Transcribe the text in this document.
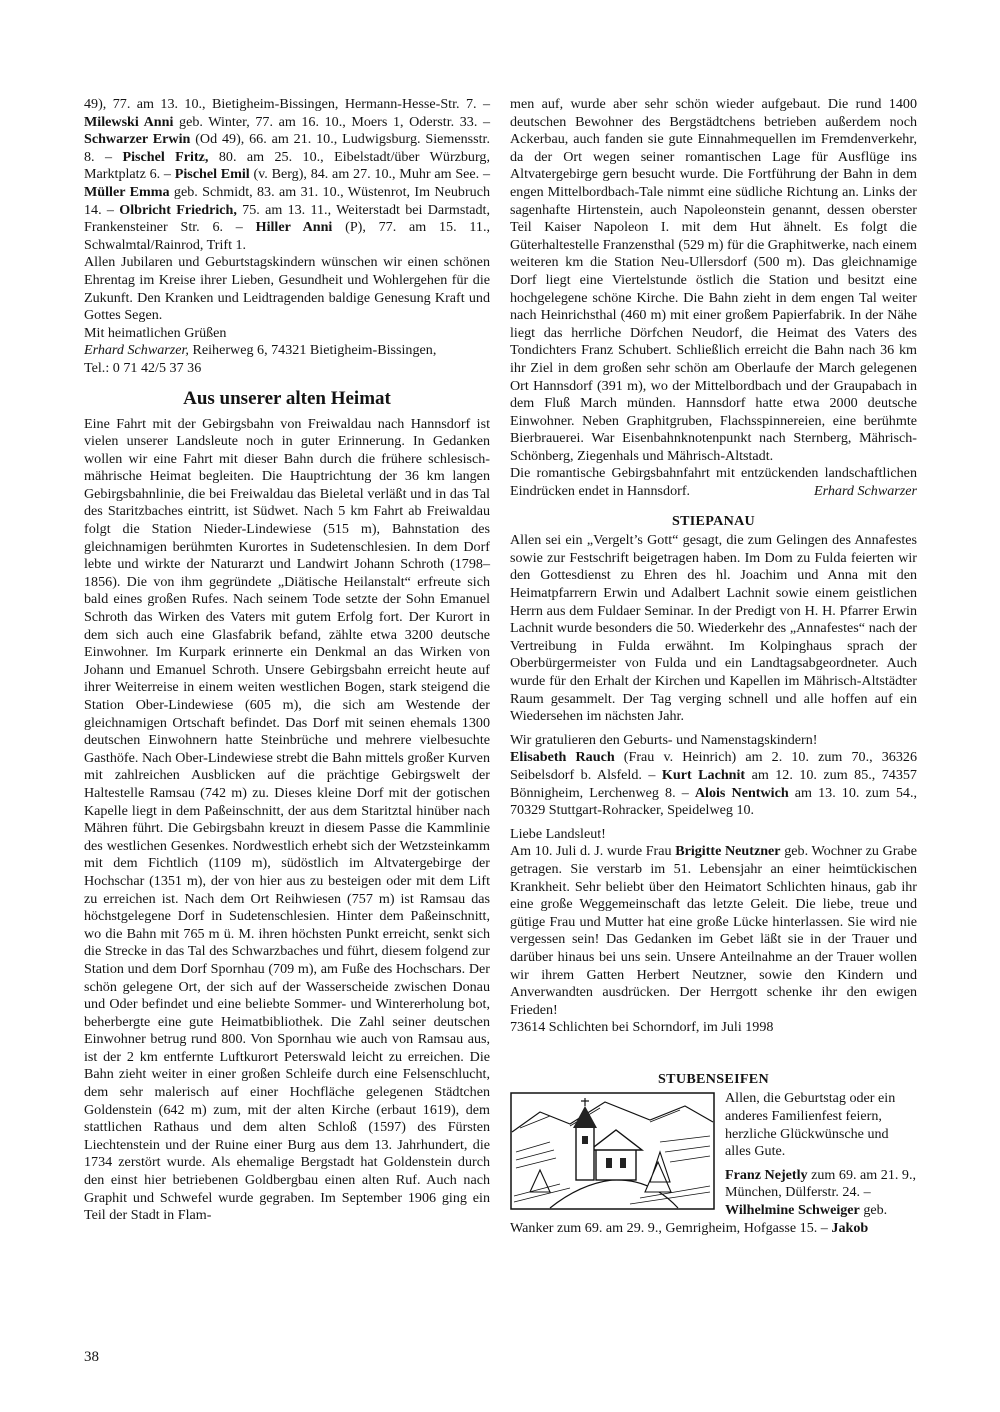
49), 77. am 13. 10., Bietigheim-Bissingen, Hermann-Hesse-Str. 7. – Milewski Anni geb. Winter, 77. am 16. 10., Moers 1, Oderstr. 33. – Schwarzer Erwin (Od 49), 66. am 21. 10., Ludwigsburg. Siemensstr. 8. – Pischel Fritz, 80. am 25. 10., Eibelstadt/über Würzburg, Marktplatz 6. – Pischel Emil (v. Berg), 84. am 27. 10., Muhr am See. – Müller Emma geb. Schmidt, 83. am 31. 10., Wüstenrot, Im Neubruch 14. – Olbricht Friedrich, 75. am 13. 11., Weiterstadt bei Darmstadt, Frankensteiner Str. 6. – Hiller Anni (P), 77. am 15. 11., Schwalmtal/Rainrod, Trift 1.

Allen Jubilaren und Geburtstagskindern wünschen wir einen schönen Ehrentag im Kreise ihrer Lieben, Gesundheit und Wohlergehen für die Zukunft. Den Kranken und Leidtragenden baldige Genesung Kraft und Gottes Segen.

Mit heimatlichen Grüßen

Erhard Schwarzer, Reiherweg 6, 74321 Bietigheim-Bissingen,

Tel.: 0 71 42/5 37 36

Aus unserer alten Heimat

Eine Fahrt mit der Gebirgsbahn von Freiwaldau nach Hannsdorf ist vielen unserer Landsleute noch in guter Erinnerung. In Gedanken wollen wir eine Fahrt mit dieser Bahn durch die frühere schlesisch-mährische Heimat begleiten. Die Hauptrichtung der 36 km langen Gebirgsbahnlinie, die bei Freiwaldau das Bieletal verläßt und in das Tal des Staritzbaches eintritt, ist Südwet. Nach 5 km Fahrt ab Freiwaldau folgt die Station Nieder-Lindewiese (515 m), Bahnstation des gleichnamigen berühmten Kurortes in Sudetenschlesien. In dem Dorf lebte und wirkte der Naturarzt und Landwirt Johann Schroth (1798–1856). Die von ihm gegründete „Diätische Heilanstalt“ erfreute sich bald eines großen Rufes. Nach seinem Tode setzte der Sohn Emanuel Schroth das Wirken des Vaters mit gutem Erfolg fort. Der Kurort in dem sich auch eine Glasfabrik befand, zählte etwa 3200 deutsche Einwohner. Im Kurpark erinnerte ein Denkmal an das Wirken von Johann und Emanuel Schroth. Unsere Gebirgsbahn erreicht heute auf ihrer Weiterreise in einem weiten westlichen Bogen, stark steigend die Station Ober-Lindewiese (605 m), die sich am Westende der gleichnamigen Ortschaft befindet. Das Dorf mit seinen ehemals 1300 deutschen Einwohnern hatte Steinbrüche und mehrere vielbesuchte Gasthöfe. Nach Ober-Lindewiese strebt die Bahn mittels großer Kurven mit zahlreichen Ausblicken auf die prächtige Gebirgswelt der Haltestelle Ramsau (742 m) zu. Dieses kleine Dorf mit der gotischen Kapelle liegt in dem Paßeinschnitt, der aus dem Staritztal hinüber nach Mähren führt. Die Gebirgsbahn kreuzt in diesem Passe die Kammlinie des westlichen Gesenkes. Nordwestlich erhebt sich der Wetzsteinkamm mit dem Fichtlich (1109 m), südöstlich im Altvatergebirge der Hochschar (1351 m), der von hier aus zu besteigen oder mit dem Lift zu erreichen ist. Nach dem Ort Reihwiesen (757 m) ist Ramsau das höchstgelegene Dorf in Sudetenschlesien. Hinter dem Paßeinschnitt, wo die Bahn mit 765 m ü. M. ihren höchsten Punkt erreicht, senkt sich die Strecke in das Tal des Schwarzbaches und führt, diesem folgend zur Station und dem Dorf Spornhau (709 m), am Fuße des Hochschars. Der schön gelegene Ort, der sich auf der Wasserscheide zwischen Donau und Oder befindet und eine beliebte Sommer- und Wintererholung bot, beherbergte eine gute Heimatbibliothek. Die Zahl seiner deutschen Einwohner betrug rund 800. Von Spornhau wie auch von Ramsau aus, ist der 2 km entfernte Luftkurort Peterswald leicht zu erreichen. Die Bahn zieht weiter in einer großen Schleife durch eine Felsenschlucht, dem sehr malerisch auf einer Hochfläche gelegenen Städtchen Goldenstein (642 m) zum, mit der alten Kirche (erbaut 1619), dem stattlichen Rathaus und dem alten Schloß (1597) des Fürsten Liechtenstein und der Ruine einer Burg aus dem 13. Jahrhundert, die 1734 zerstört wurde. Als ehemalige Bergstadt hat Goldenstein durch den einst hier betriebenen Goldbergbau einen alten Ruf. Auch nach Graphit und Schwefel wurde gegraben. Im September 1906 ging ein Teil der Stadt in Flam-

men auf, wurde aber sehr schön wieder aufgebaut. Die rund 1400 deutschen Bewohner des Bergstädtchens betrieben außerdem noch Ackerbau, auch fanden sie gute Einnahmequellen im Fremdenverkehr, da der Ort wegen seiner romantischen Lage für Ausflüge ins Altvatergebirge gern besucht wurde. Die Fortführung der Bahn in dem engen Mittelbordbach-Tale nimmt eine südliche Richtung an. Links der sagenhafte Hirtenstein, auch Napoleonstein genannt, dessen oberster Teil Kaiser Napoleon I. mit dem Hut ähnelt. Es folgt die Güterhaltestelle Franzensthal (529 m) für die Graphitwerke, nach einem weiteren km die Station Neu-Ullersdorf (500 m). Das gleichnamige Dorf liegt eine Viertelstunde östlich die Station und besitzt eine hochgelegene schöne Kirche. Die Bahn zieht in dem engen Tal weiter nach Heinrichsthal (460 m) mit einer großem Papierfabrik. In der Nähe liegt das herrliche Dörfchen Neudorf, die Heimat des Vaters des Tondichters Franz Schubert. Schließlich erreicht die Bahn nach 36 km ihr Ziel in dem großen sehr schön am Oberlaufe der March gelegenen Ort Hannsdorf (391 m), wo der Mittelbordbach und der Graupabach in dem Fluß March münden. Hannsdorf hatte etwa 2000 deutsche Einwohner. Neben Graphitgruben, Flachsspinnereien, eine berühmte Bierbrauerei. War Eisenbahnknotenpunkt nach Sternberg, Mährisch-Schönberg, Ziegenhals und Mährisch-Altstadt.

Die romantische Gebirgsbahnfahrt mit entzückenden landschaftlichen Eindrücken endet in Hannsdorf.	Erhard Schwarzer

STIEPANAU

Allen sei ein „Vergelt’s Gott“ gesagt, die zum Gelingen des Annafestes sowie zur Festschrift beigetragen haben. Im Dom zu Fulda feierten wir den Gottesdienst zu Ehren des hl. Joachim und Anna mit den Heimatpfarrern Erwin und Adalbert Lachnit sowie einem geistlichen Herrn aus dem Fuldaer Seminar. In der Predigt von H. H. Pfarrer Erwin Lachnit wurde besonders die 50. Wiederkehr des „Annafestes“ nach der Vertreibung in Fulda erwähnt. Im Kolpinghaus sprach der Oberbürgermeister von Fulda und ein Landtagsabgeordneter. Auch wurde für den Erhalt der Kirchen und Kapellen im Mährisch-Altstädter Raum gesammelt. Der Tag verging schnell und alle hoffen auf ein Wiedersehen im nächsten Jahr.

Wir gratulieren den Geburts- und Namenstagskindern!

Elisabeth Rauch (Frau v. Heinrich) am 2. 10. zum 70., 36326 Seibelsdorf b. Alsfeld. – Kurt Lachnit am 12. 10. zum 85., 74357 Bönnigheim, Lerchenweg 8. – Alois Nentwich am 13. 10. zum 54., 70329 Stuttgart-Rohracker, Speidelweg 10.

Liebe Landsleut!

Am 10. Juli d. J. wurde Frau Brigitte Neutzner geb. Wochner zu Grabe getragen. Sie verstarb im 51. Lebensjahr an einer heimtückischen Krankheit. Sehr beliebt über den Heimatort Schlichten hinaus, gab ihr eine große Weggemeinschaft das letzte Geleit. Die liebe, treue und gütige Frau und Mutter hat eine große Lücke hinterlassen. Sie wird nie vergessen sein! Das Gedanken im Gebet läßt sie in der Trauer und darüber hinaus bei uns sein. Unsere Anteilnahme an der Trauer wollen wir ihrem Gatten Herbert Neutzner, sowie den Kindern und Anverwandten ausdrücken. Der Herrgott schenke ihr den ewigen Frieden!

73614 Schlichten bei Schorndorf, im Juli 1998

STUBENSEIFEN

Allen, die Geburtstag oder ein anderes Familienfest feiern, herzliche Glückwünsche und alles Gute.

Franz Nejetly zum 69. am 21. 9., München, Dülferstr. 24. – Wilhelmine Schweiger geb. Wanker zum 69. am 29. 9., Gemrigheim, Hofgasse 15. – Jakob

38
